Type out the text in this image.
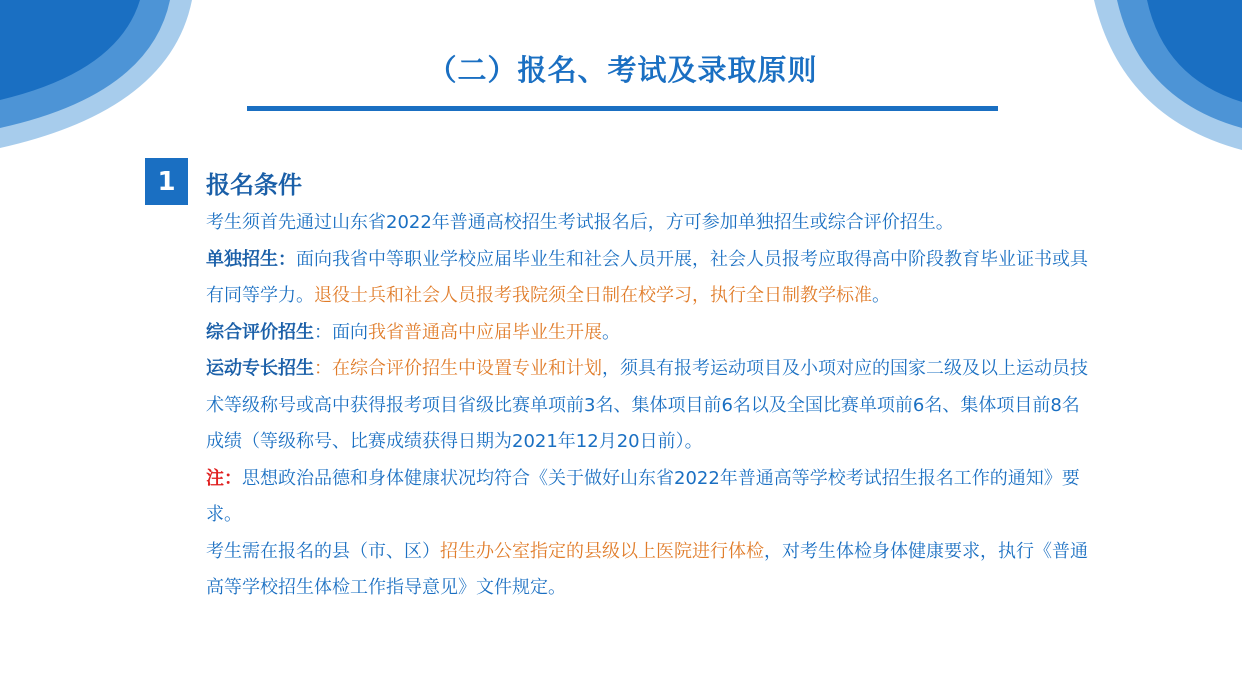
（二）报名、考试及录取原则
1	报名条件

考生须首先通过山东省2022年普通高校招生考试报名后，方可参加单独招生或综合评价招生。

单独招生：面向我省中等职业学校应届毕业生和社会人员开展，社会人员报考应取得高中阶段教育毕业证书或具有同等学力。退役士兵和社会人员报考我院须全日制在校学习，执行全日制教学标准。

综合评价招生：面向我省普通高中应届毕业生开展。

运动专长招生：在综合评价招生中设置专业和计划，须具有报考运动项目及小项对应的国家二级及以上运动员技术等级称号或高中获得报考项目省级比赛单项前3名、集体项目前6名以及全国比赛单项前6名、集体项目前8名成绩（等级称号、比赛成绩获得日期为2021年12月20日前）。

注：思想政治品德和身体健康状况均符合《关于做好山东省2022年普通高等学校考试招生报名工作的通知》要求。

考生需在报名的县（市、区）招生办公室指定的县级以上医院进行体检，对考生体检身体健康要求，执行《普通高等学校招生体检工作指导意见》文件规定。
